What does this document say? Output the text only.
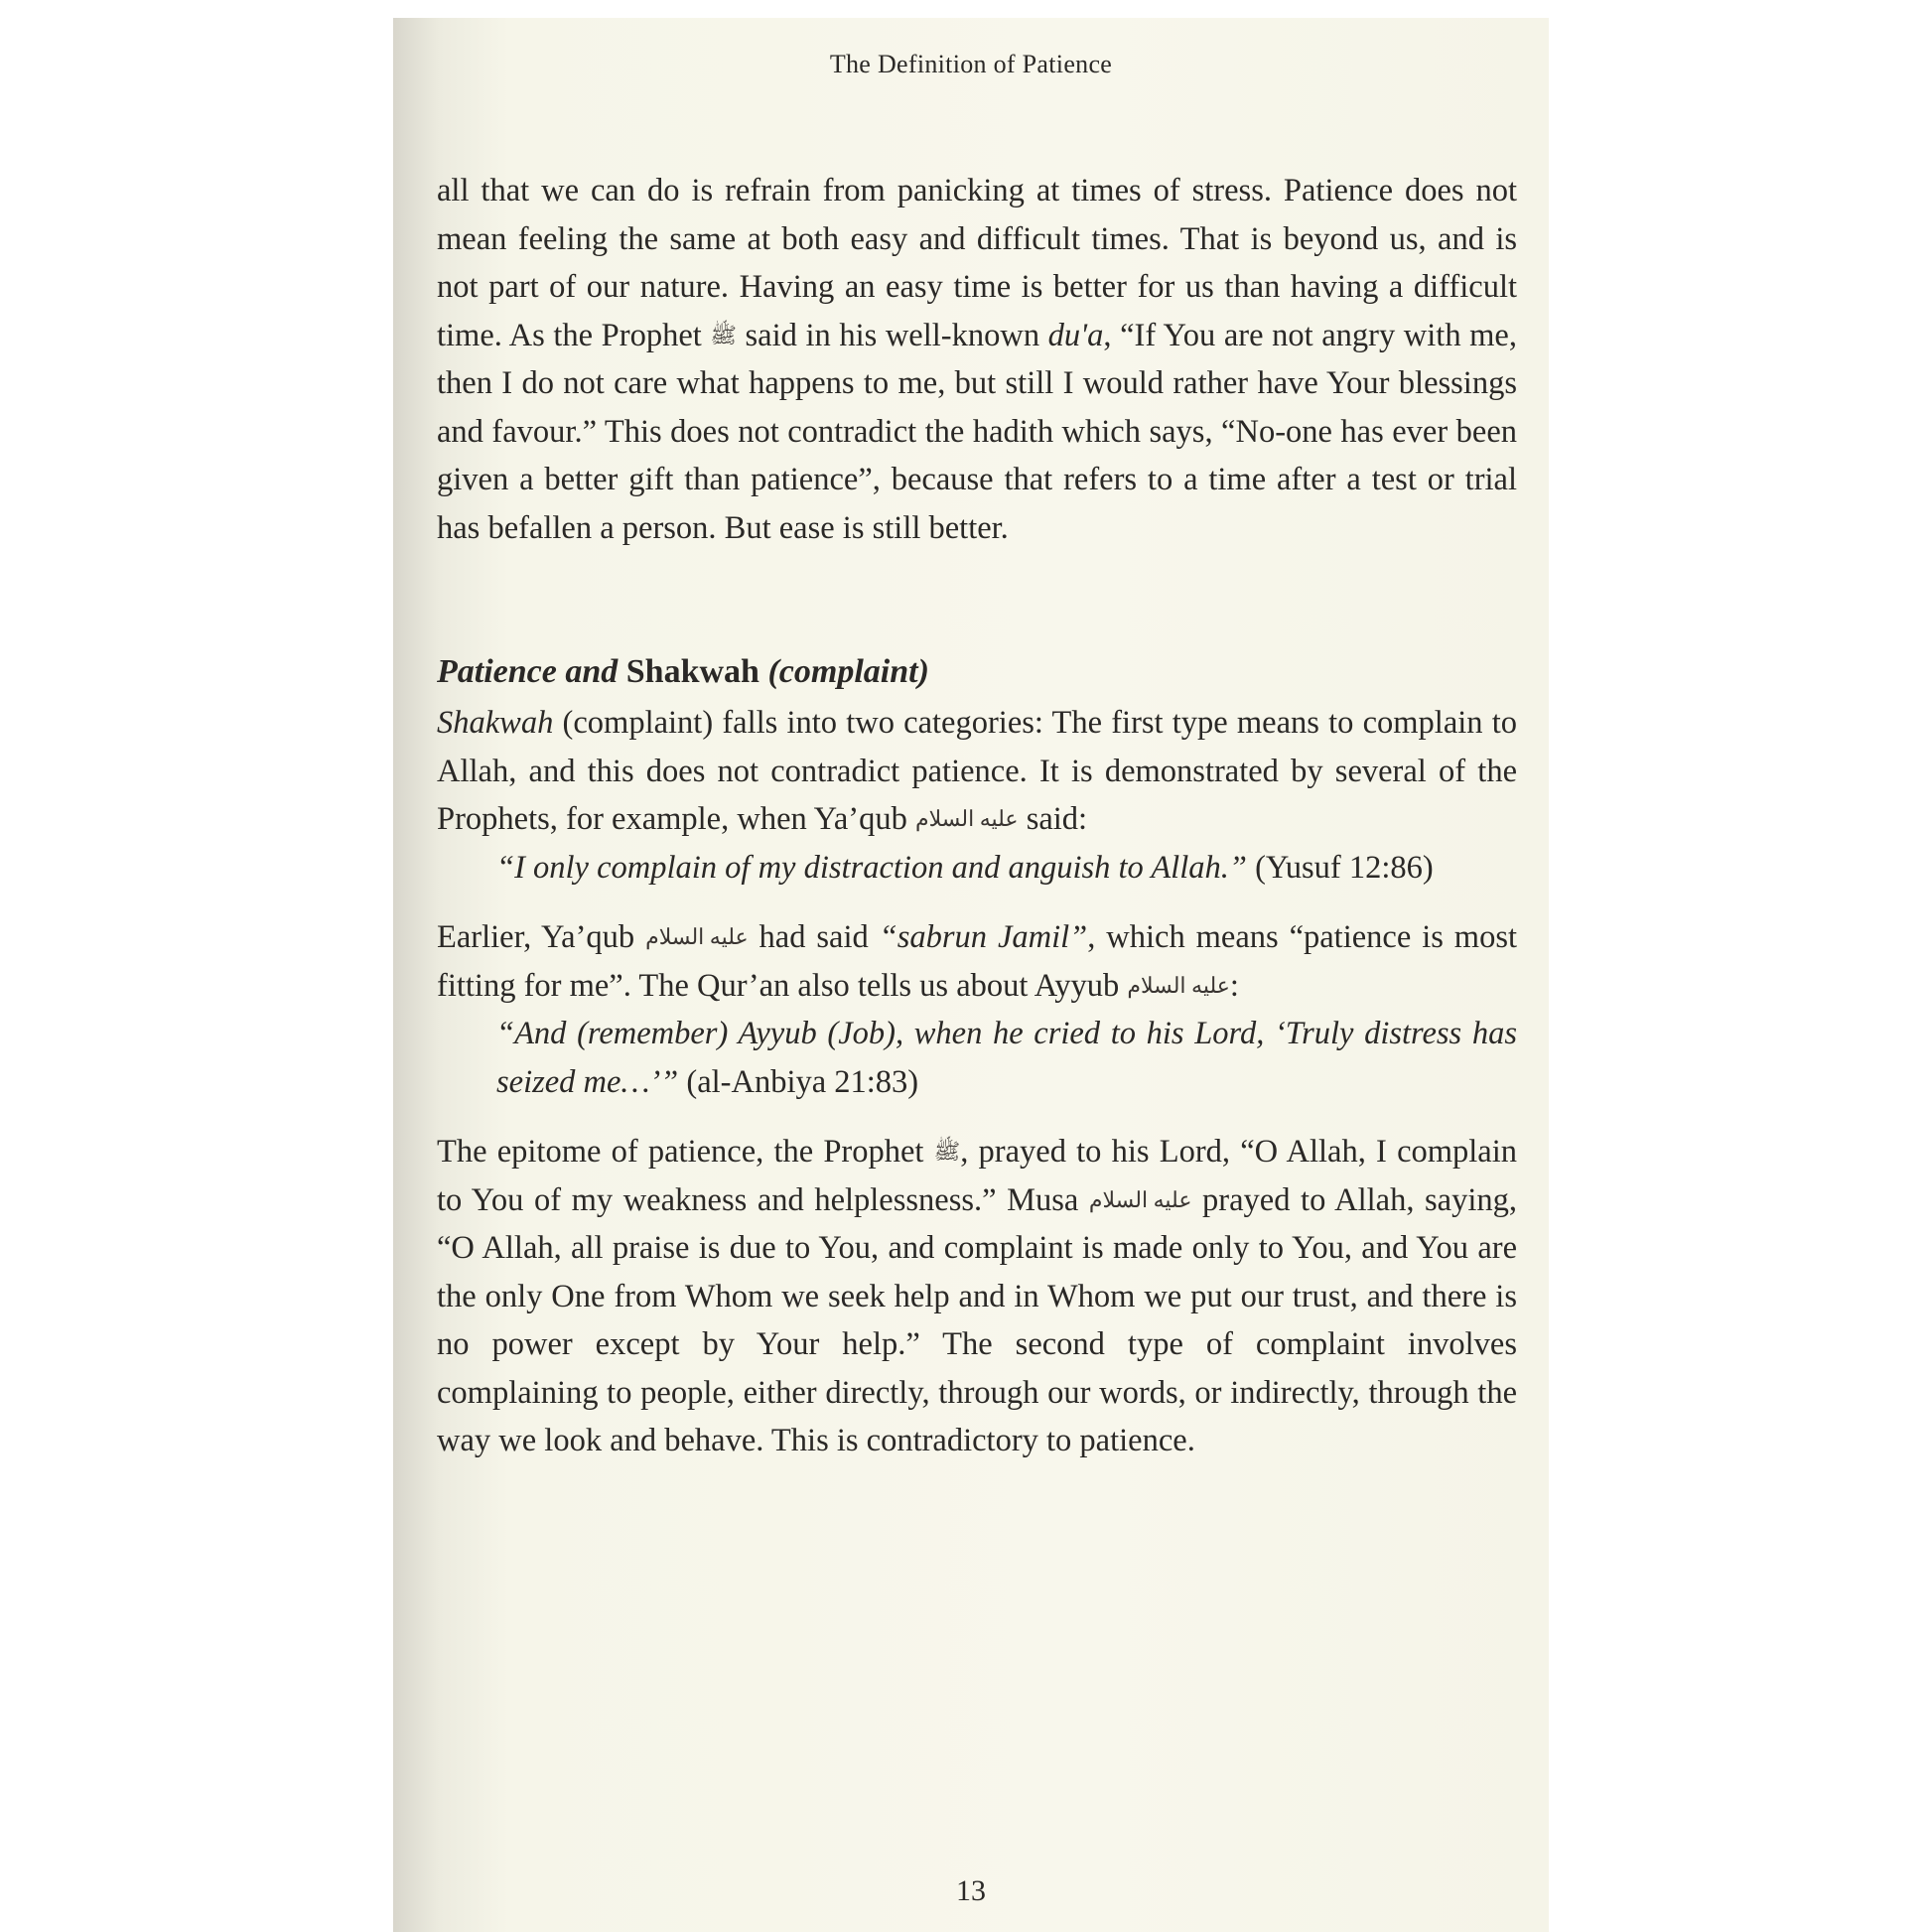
The Definition of Patience

all that we can do is refrain from panicking at times of stress. Patience does not mean feeling the same at both easy and difficult times. That is beyond us, and is not part of our nature. Having an easy time is better for us than having a difficult time. As the Prophet ﷺ said in his well-known du'a, “If You are not angry with me, then I do not care what happens to me, but still I would rather have Your blessings and favour.” This does not contradict the hadith which says, “No-one has ever been given a better gift than patience”, because that refers to a time after a test or trial has befallen a person. But ease is still better.

Patience and Shakwah (complaint)

Shakwah (complaint) falls into two categories: The first type means to complain to Allah, and this does not contradict patience. It is demonstrated by several of the Prophets, for example, when Ya’qub عليه السلام said:

“I only complain of my distraction and anguish to Allah.” (Yusuf 12:86)

Earlier, Ya’qub عليه السلام had said “sabrun Jamil”, which means “patience is most fitting for me”. The Qur’an also tells us about Ayyub عليه السلام:

“And (remember) Ayyub (Job), when he cried to his Lord, ‘Truly distress has seized me…’” (al-Anbiya 21:83)

The epitome of patience, the Prophet ﷺ, prayed to his Lord, “O Allah, I complain to You of my weakness and helplessness.” Musa عليه السلام prayed to Allah, saying, “O Allah, all praise is due to You, and complaint is made only to You, and You are the only One from Whom we seek help and in Whom we put our trust, and there is no power except by Your help.” The second type of complaint involves complaining to people, either directly, through our words, or indirectly, through the way we look and behave. This is contradictory to patience.

13
